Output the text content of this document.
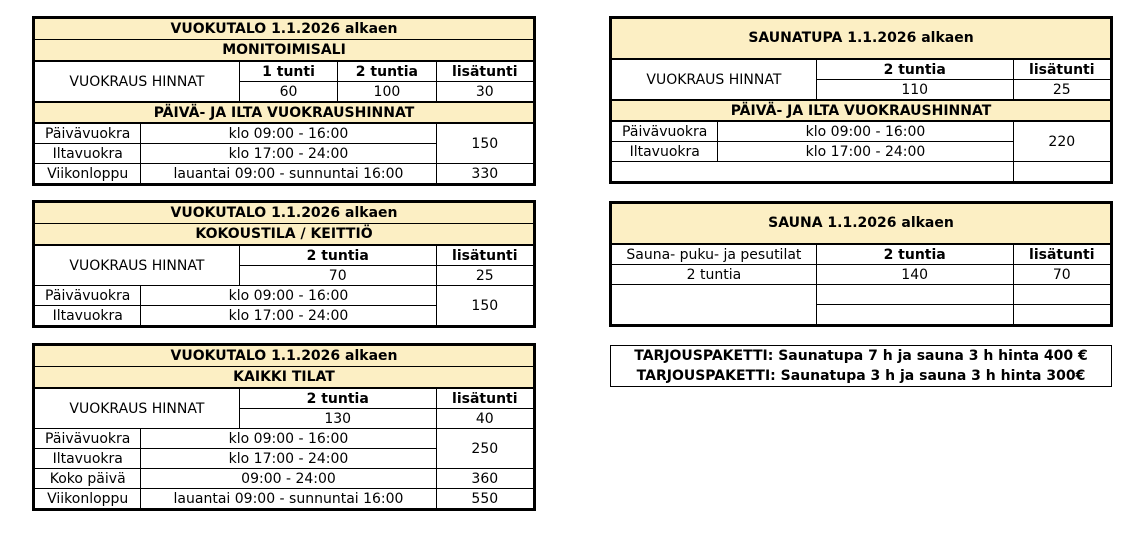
VUOKUTALO 1.1.2026 alkaen				
MONITOIMISALI				
VUOKRAUS HINNAT		1 tunti	2 tuntia	lisätunti
		60	100	30
PÄIVÄ- JA ILTA VUOKRAUSHINNAT				
Päivävuokra	klo 09:00 - 16:00			150
Iltavuokra	klo 17:00 - 24:00			
Viikonloppu	lauantai 09:00 - sunnuntai 16:00			330
VUOKUTALO 1.1.2026 alkaen			
KOKOUSTILA / KEITTIÖ			
VUOKRAUS HINNAT		2 tuntia	lisätunti
		70	25
Päivävuokra	klo 09:00 - 16:00		150
Iltavuokra	klo 17:00 - 24:00		
VUOKUTALO 1.1.2026 alkaen			
KAIKKI TILAT			
VUOKRAUS HINNAT		2 tuntia	lisätunti
		130	40
Päivävuokra	klo 09:00 - 16:00		250
Iltavuokra	klo 17:00 - 24:00		
Koko päivä	09:00 - 24:00		360
Viikonloppu	lauantai 09:00 - sunnuntai 16:00		550
SAUNATUPA 1.1.2026 alkaen			
VUOKRAUS HINNAT		2 tuntia	lisätunti
		110	25
PÄIVÄ- JA ILTA VUOKRAUSHINNAT			
Päivävuokra	klo 09:00 - 16:00		220
Iltavuokra	klo 17:00 - 24:00		

SAUNA 1.1.2026 alkaen		
Sauna- puku- ja pesutilat	2 tuntia	lisätunti
2 tuntia	140	70

TARJOUSPAKETTI: Saunatupa 7 h ja sauna 3 h hinta 400 €
TARJOUSPAKETTI: Saunatupa 3 h ja sauna 3 h hinta 300€
